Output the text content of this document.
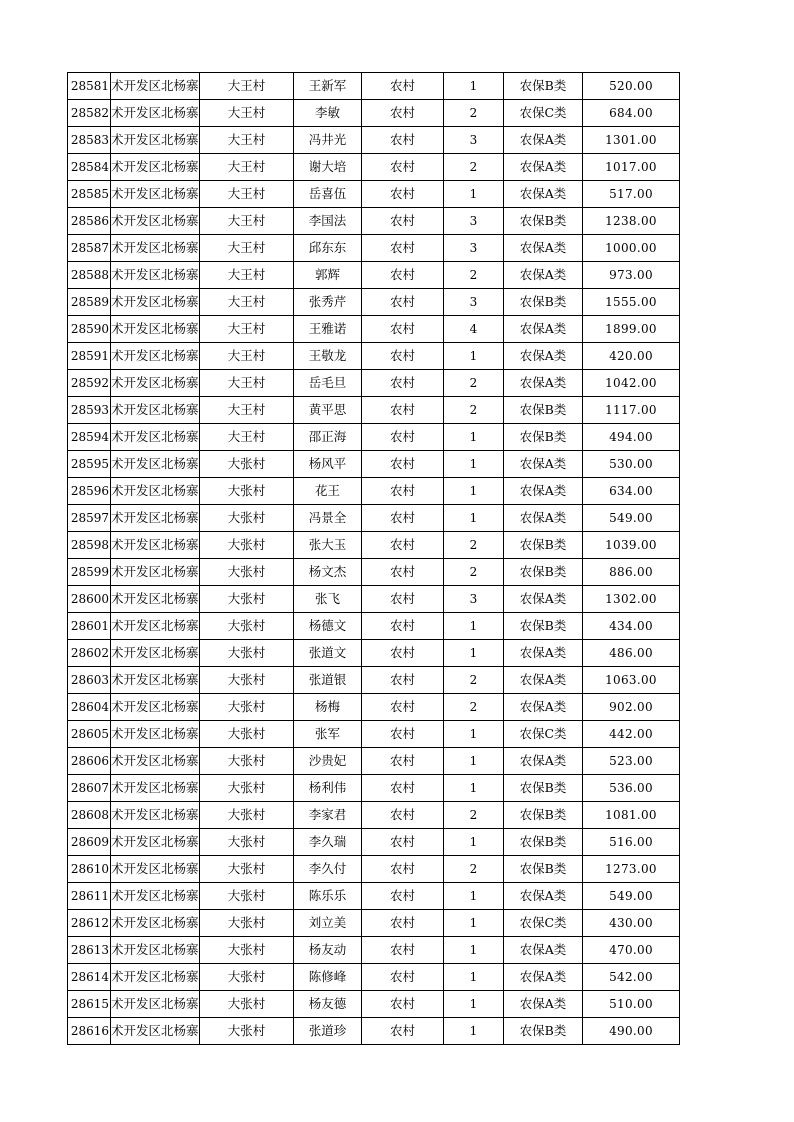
28581	术开发区北杨寨	大王村	王新军	农村	1	农保B类	520.00
28582	术开发区北杨寨	大王村	李敏	农村	2	农保C类	684.00
28583	术开发区北杨寨	大王村	冯井光	农村	3	农保A类	1301.00
28584	术开发区北杨寨	大王村	谢大培	农村	2	农保A类	1017.00
28585	术开发区北杨寨	大王村	岳喜伍	农村	1	农保A类	517.00
28586	术开发区北杨寨	大王村	李国法	农村	3	农保B类	1238.00
28587	术开发区北杨寨	大王村	邱东东	农村	3	农保A类	1000.00
28588	术开发区北杨寨	大王村	郭辉	农村	2	农保A类	973.00
28589	术开发区北杨寨	大王村	张秀芹	农村	3	农保B类	1555.00
28590	术开发区北杨寨	大王村	王雅诺	农村	4	农保A类	1899.00
28591	术开发区北杨寨	大王村	王敬龙	农村	1	农保A类	420.00
28592	术开发区北杨寨	大王村	岳毛旦	农村	2	农保A类	1042.00
28593	术开发区北杨寨	大王村	黄平思	农村	2	农保B类	1117.00
28594	术开发区北杨寨	大王村	邵正海	农村	1	农保B类	494.00
28595	术开发区北杨寨	大张村	杨风平	农村	1	农保A类	530.00
28596	术开发区北杨寨	大张村	花王	农村	1	农保A类	634.00
28597	术开发区北杨寨	大张村	冯景全	农村	1	农保A类	549.00
28598	术开发区北杨寨	大张村	张大玉	农村	2	农保B类	1039.00
28599	术开发区北杨寨	大张村	杨文杰	农村	2	农保B类	886.00
28600	术开发区北杨寨	大张村	张飞	农村	3	农保A类	1302.00
28601	术开发区北杨寨	大张村	杨德文	农村	1	农保B类	434.00
28602	术开发区北杨寨	大张村	张道文	农村	1	农保A类	486.00
28603	术开发区北杨寨	大张村	张道银	农村	2	农保A类	1063.00
28604	术开发区北杨寨	大张村	杨梅	农村	2	农保A类	902.00
28605	术开发区北杨寨	大张村	张军	农村	1	农保C类	442.00
28606	术开发区北杨寨	大张村	沙贵妃	农村	1	农保A类	523.00
28607	术开发区北杨寨	大张村	杨利伟	农村	1	农保B类	536.00
28608	术开发区北杨寨	大张村	李家君	农村	2	农保B类	1081.00
28609	术开发区北杨寨	大张村	李久瑞	农村	1	农保B类	516.00
28610	术开发区北杨寨	大张村	李久付	农村	2	农保B类	1273.00
28611	术开发区北杨寨	大张村	陈乐乐	农村	1	农保A类	549.00
28612	术开发区北杨寨	大张村	刘立美	农村	1	农保C类	430.00
28613	术开发区北杨寨	大张村	杨友动	农村	1	农保A类	470.00
28614	术开发区北杨寨	大张村	陈修峰	农村	1	农保A类	542.00
28615	术开发区北杨寨	大张村	杨友德	农村	1	农保A类	510.00
28616	术开发区北杨寨	大张村	张道珍	农村	1	农保B类	490.00
